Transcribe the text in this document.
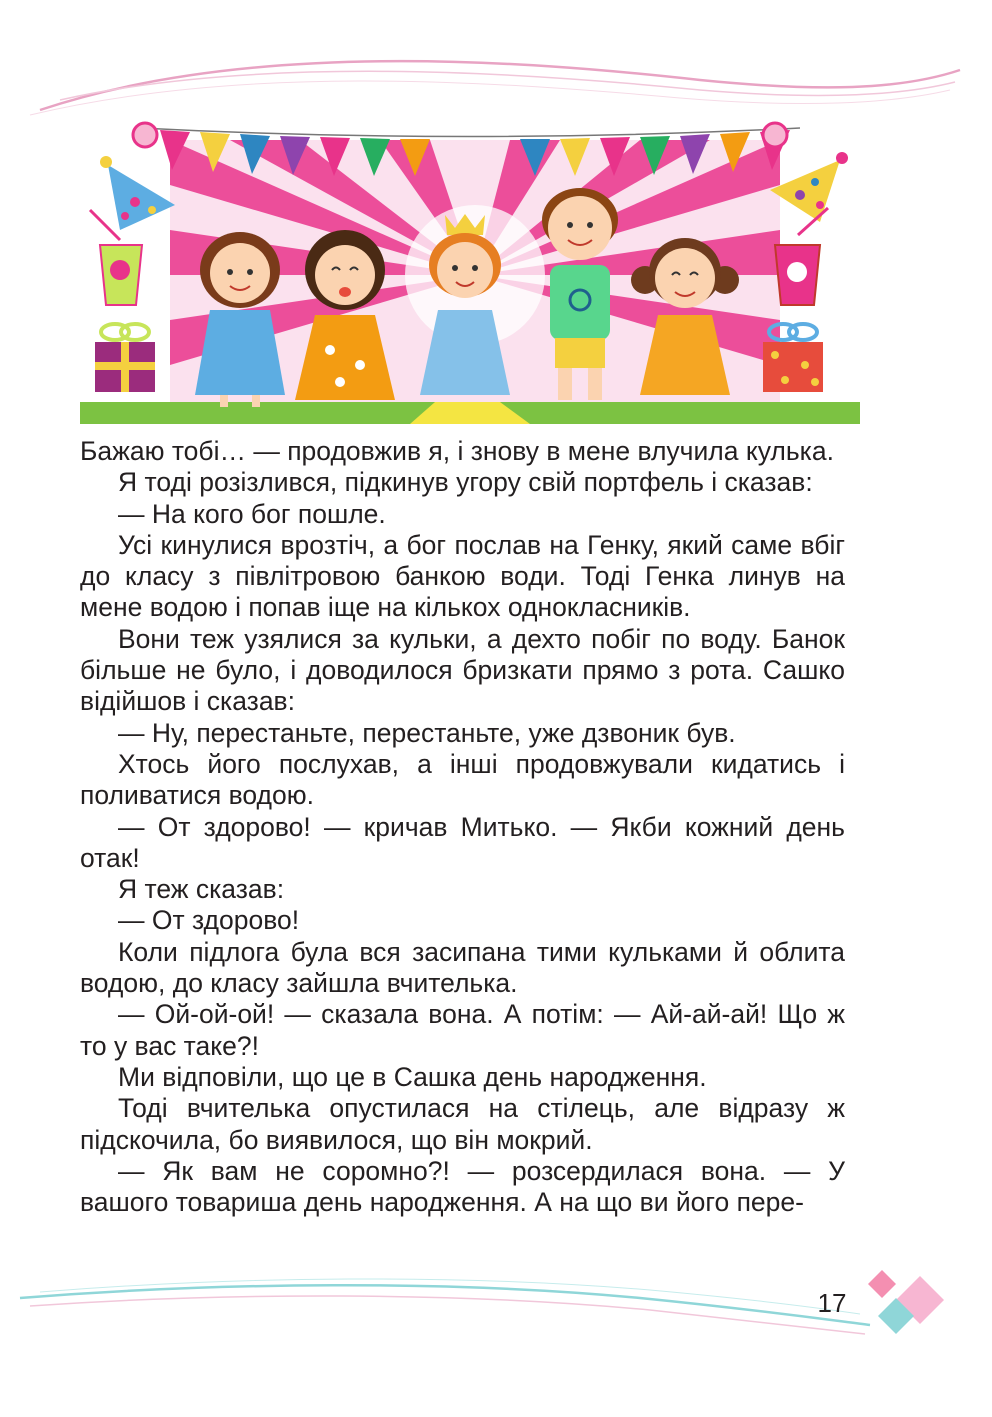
Бажаю тобі… — продовжив я, і знову в мене влучила кулька.

Я тоді розізлився, підкинув угору свій портфель і сказав:

— На кого бог пошле.

Усі кинулися врозтіч, а бог послав на Генку, який саме вбіг до класу з півлітровою банкою води. Тоді Генка линув на мене водою і попав іще на кількох однокласників.

Вони теж узялися за кульки, а дехто побіг по воду. Банок більше не було, і доводилося бризкати прямо з рота. Сашко відійшов і сказав:

— Ну, перестаньте, перестаньте, уже дзвоник був.

Хтось його послухав, а інші продовжували кидатись і поливатися водою.

— От здорово! — кричав Митько. — Якби кожний день отак!

Я теж сказав:

— От здорово!

Коли підлога була вся засипана тими кульками й облита водою, до класу зайшла вчителька.

— Ой-ой-ой! — сказала вона. А потім: — Ай-ай-ай! Що ж то у вас таке?!

Ми відповіли, що це в Сашка день народження.

Тоді вчителька опустилася на стілець, але відразу ж підскочила, бо виявилося, що він мокрий.

— Як вам не соромно?! — розсердилася вона. — У вашого товариша день народження. А на що ви його пере-

17
